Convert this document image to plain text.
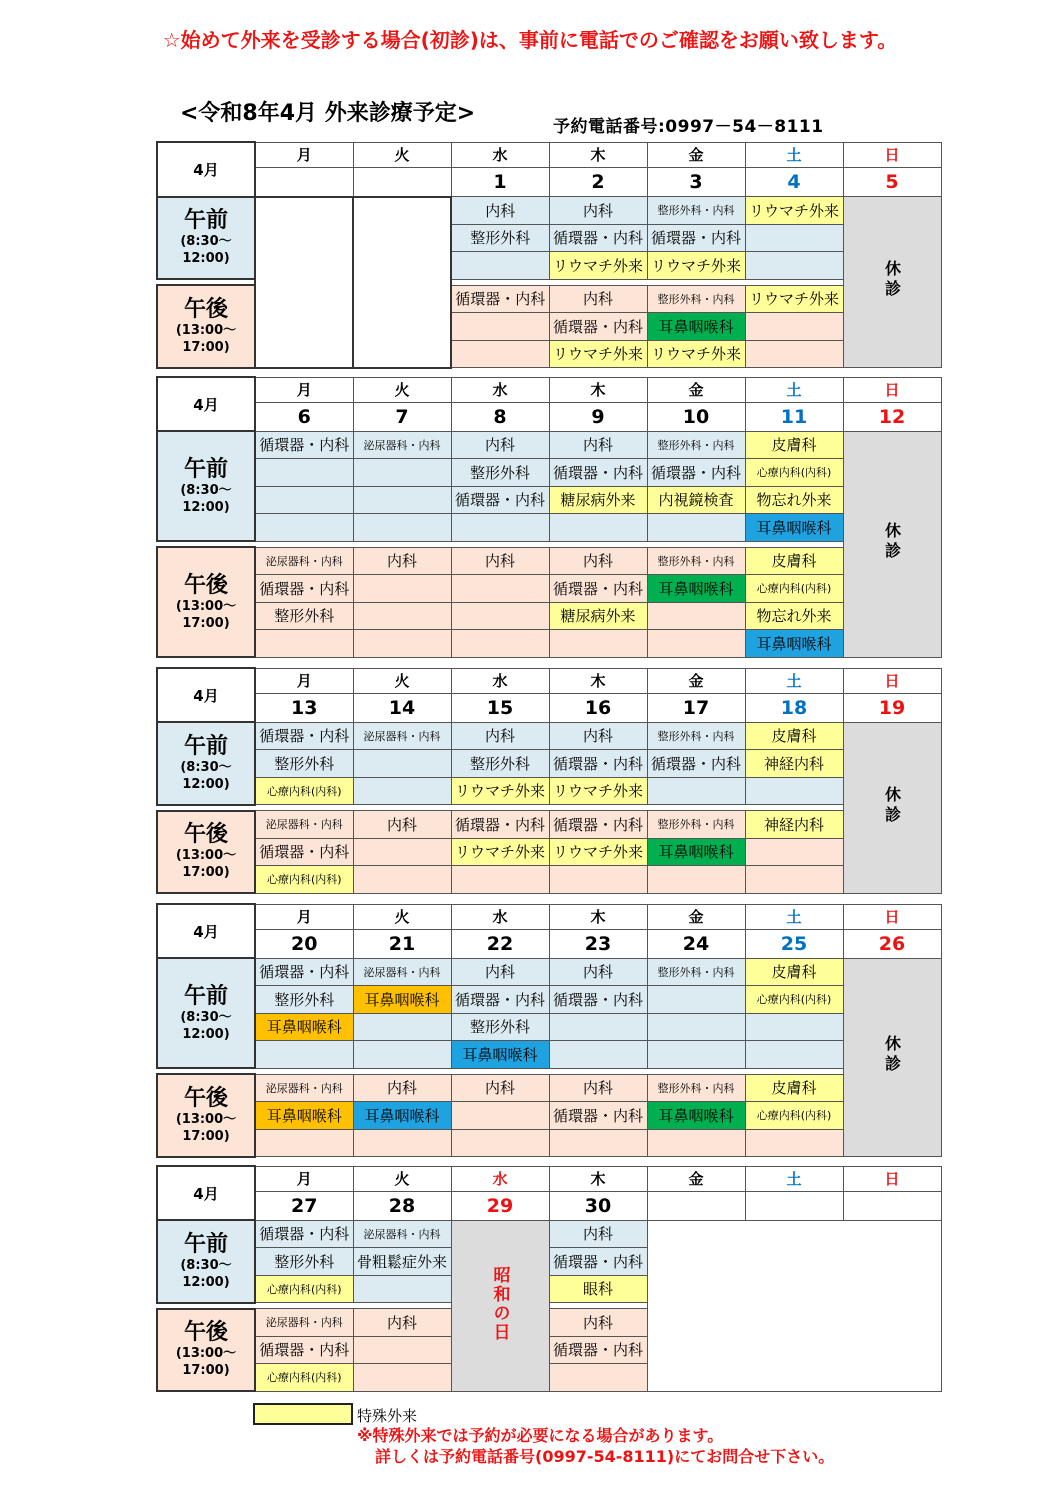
☆始めて外来を受診する場合(初診)は、事前に電話でのご確認をお願い致します。
<令和8年4月 外来診療予定>
予約電話番号:0997－54－8111
4月	月	火	水	木	金	土	日
			1	2	3	4	5

午前
(8:30～
12:00)			内科	内科	整形外科・内科	リウマチ外来	休診
			整形外科	循環器・内科	循環器・内科		
				リウマチ外来	リウマチ外来		

午後
(13:00～
17:00)			循環器・内科	内科	整形外科・内科	リウマチ外来	
				循環器・内科	耳鼻咽喉科		
				リウマチ外来	リウマチ外来		
4月	月	火	水	木	金	土	日
	6	7	8	9	10	11	12

午前
(8:30～
12:00)	循環器・内科	泌尿器科・内科	内科	内科	整形外科・内科	皮膚科	休診
			整形外科	循環器・内科	循環器・内科	心療内科(内科)	
			循環器・内科	糖尿病外来	内視鏡検査	物忘れ外来	
						耳鼻咽喉科	

午後
(13:00～
17:00)	泌尿器科・内科	内科	内科	内科	整形外科・内科	皮膚科	
	循環器・内科			循環器・内科	耳鼻咽喉科	心療内科(内科)	
	整形外科			糖尿病外来		物忘れ外来	
						耳鼻咽喉科	
4月	月	火	水	木	金	土	日
	13	14	15	16	17	18	19

午前
(8:30～
12:00)	循環器・内科	泌尿器科・内科	内科	内科	整形外科・内科	皮膚科	休診
	整形外科		整形外科	循環器・内科	循環器・内科	神経内科	
	心療内科(内科)		リウマチ外来	リウマチ外来			

午後
(13:00～
17:00)	泌尿器科・内科	内科	循環器・内科	循環器・内科	整形外科・内科	神経内科	
	循環器・内科		リウマチ外来	リウマチ外来	耳鼻咽喉科		
	心療内科(内科)						
4月	月	火	水	木	金	土	日
	20	21	22	23	24	25	26

午前
(8:30～
12:00)	循環器・内科	泌尿器科・内科	内科	内科	整形外科・内科	皮膚科	休診
	整形外科	耳鼻咽喉科	循環器・内科	循環器・内科		心療内科(内科)	
	耳鼻咽喉科		整形外科				
			耳鼻咽喉科				

午後
(13:00～
17:00)	泌尿器科・内科	内科	内科	内科	整形外科・内科	皮膚科	
	耳鼻咽喉科	耳鼻咽喉科		循環器・内科	耳鼻咽喉科	心療内科(内科)	

4月	月	火	水	木	金	土	日
	27	28	29	30			

午前
(8:30～
12:00)	循環器・内科	泌尿器科・内科	昭和の日	内科			
	整形外科	骨粗鬆症外来		循環器・内科			
	心療内科(内科)			眼科			

午後
(13:00～
17:00)	泌尿器科・内科	内科		内科			
	循環器・内科			循環器・内科			
	心療内科(内科)						
特殊外来
※特殊外来では予約が必要になる場合があります。
詳しくは予約電話番号(0997-54-8111)にてお問合せ下さい。
